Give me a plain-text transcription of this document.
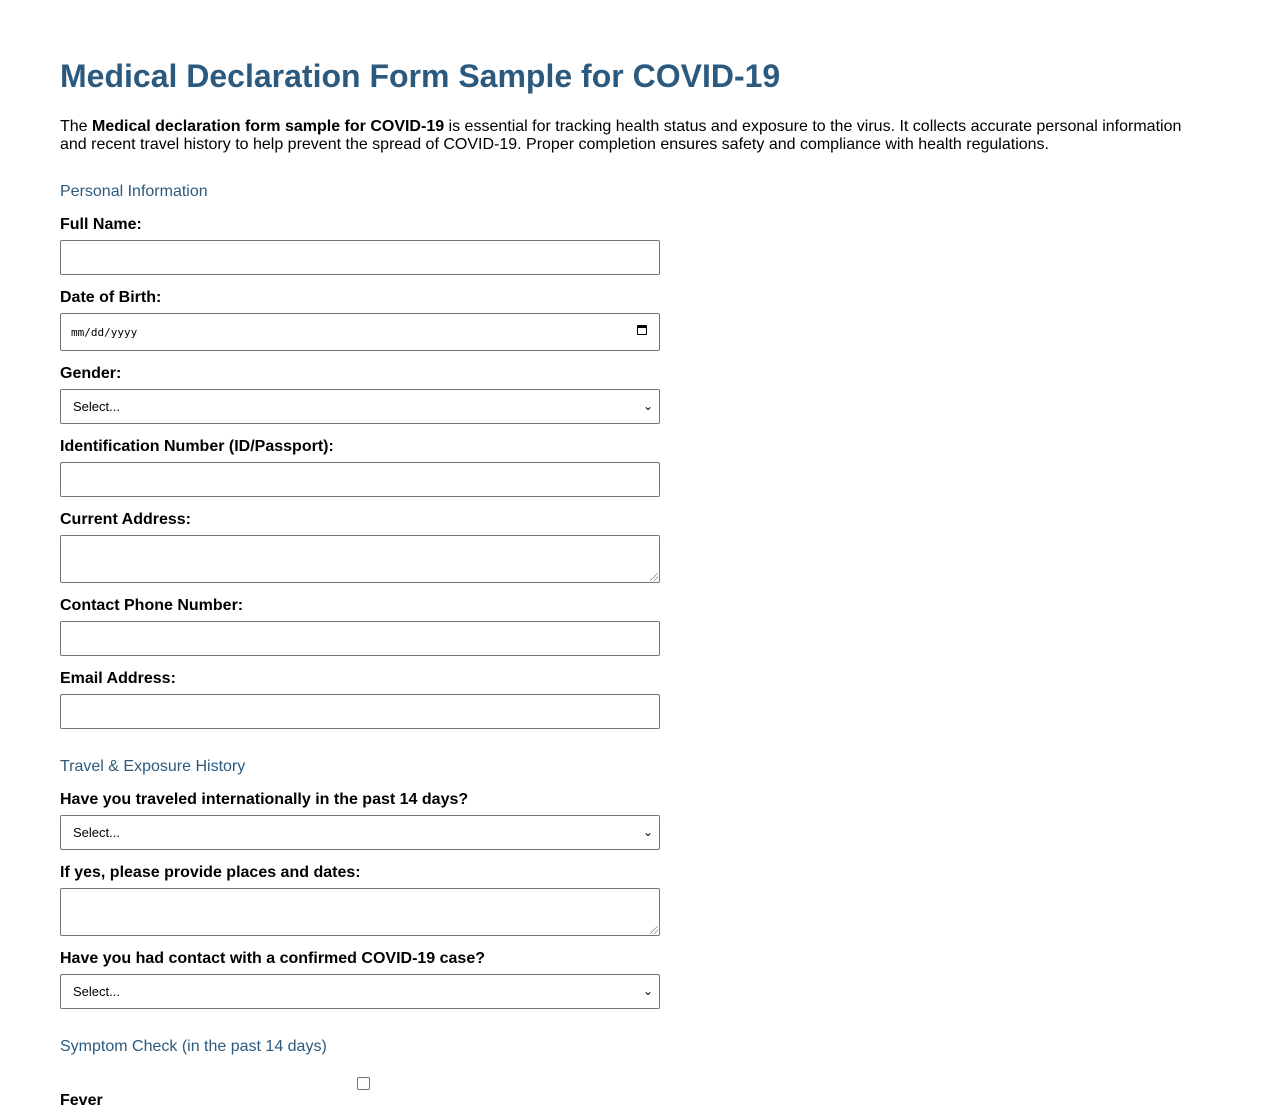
Medical Declaration Form Sample for COVID-19

The Medical declaration form sample for COVID-19 is essential for tracking health status and exposure to the virus. It collects accurate personal information and recent travel history to help prevent the spread of COVID-19. Proper completion ensures safety and compliance with health regulations.

Personal Information
Full Name:
Date of Birth:
mm/dd/yyyy
Gender:
Select...	⌄
Identification Number (ID/Passport):
Current Address:
Contact Phone Number:
Email Address:
Travel & Exposure History
Have you traveled internationally in the past 14 days?
Select...	⌄
If yes, please provide places and dates:
Have you had contact with a confirmed COVID-19 case?
Select...	⌄
Symptom Check (in the past 14 days)
Fever
